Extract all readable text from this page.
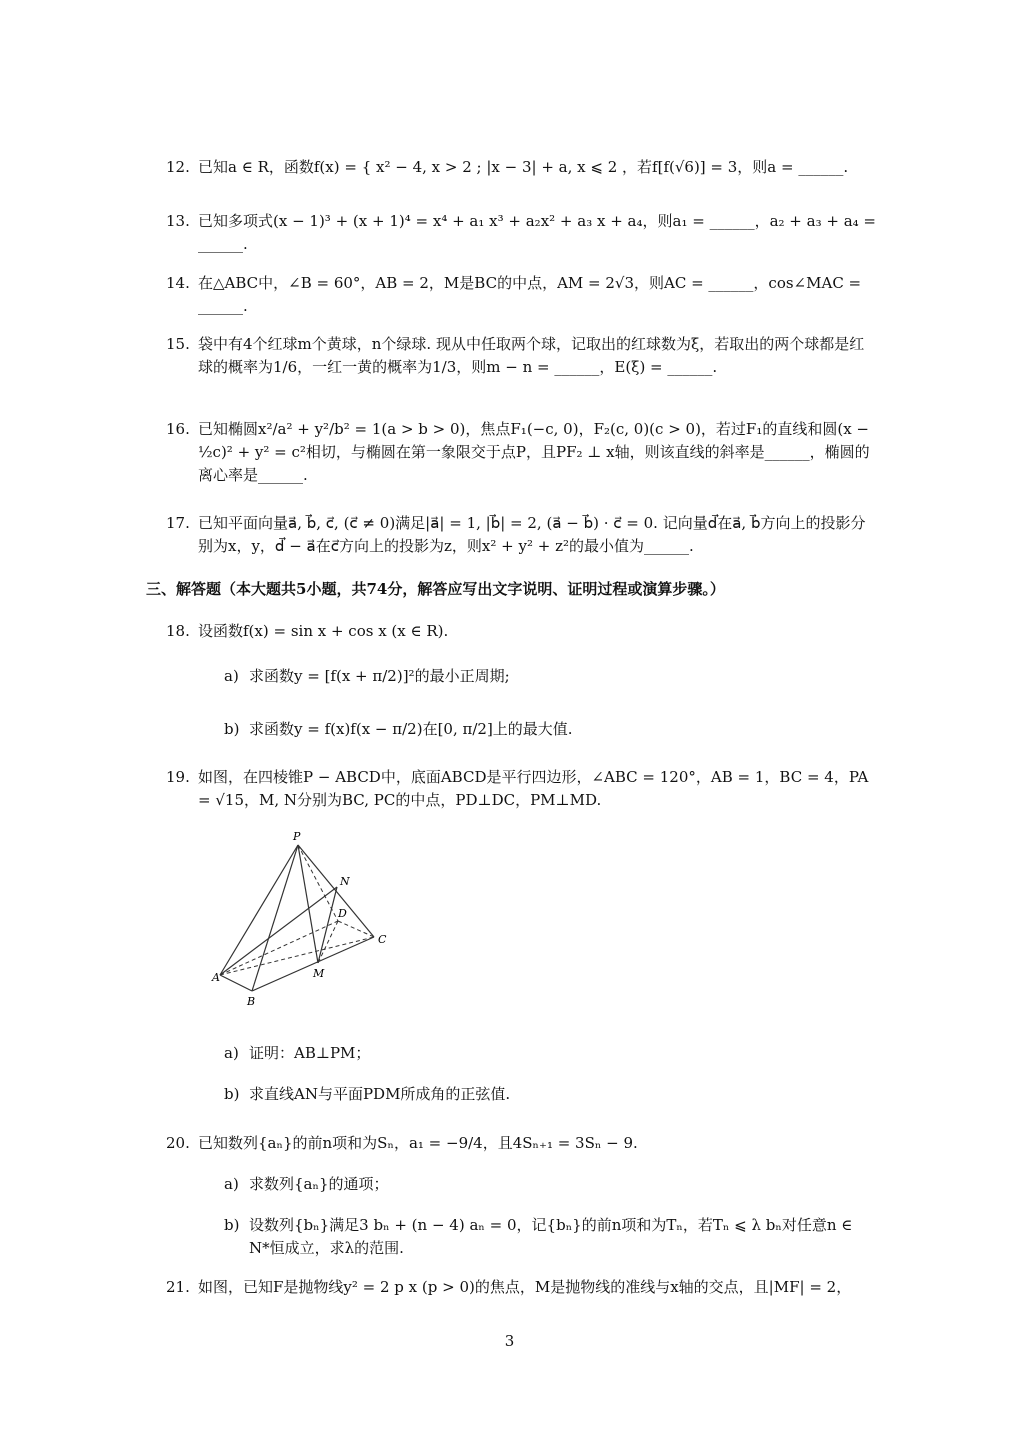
12. 已知a ∈ R，函数f(x) = { x² − 4, x > 2 ; |x − 3| + a, x ⩽ 2 ，若f[f(√6)] = 3，则a = ______.
13. 已知多项式(x − 1)³ + (x + 1)⁴ = x⁴ + a₁ x³ + a₂x² + a₃ x + a₄，则a₁ = ______，a₂ + a₃ + a₄ = ______.
14. 在△ABC中，∠B = 60°，AB = 2，M是BC的中点，AM = 2√3，则AC = ______，cos∠MAC = ______.
15. 袋中有4个红球m个黄球，n个绿球. 现从中任取两个球，记取出的红球数为ξ，若取出的两个球都是红球的概率为1/6，一红一黄的概率为1/3，则m − n = ______，E(ξ) = ______.
16. 已知椭圆x²/a² + y²/b² = 1(a > b > 0)，焦点F₁(−c, 0)，F₂(c, 0)(c > 0)，若过F₁的直线和圆(x − ½c)² + y² = c²相切，与椭圆在第一象限交于点P，且PF₂ ⊥ x轴，则该直线的斜率是______，椭圆的离心率是______.
17. 已知平面向量a⃗, b⃗, c⃗, (c⃗ ≠ 0)满足|a⃗| = 1, |b⃗| = 2, (a⃗ − b⃗) · c⃗ = 0. 记向量d⃗在a⃗, b⃗方向上的投影分别为x，y，d⃗ − a⃗在c⃗方向上的投影为z，则x² + y² + z²的最小值为______.
三、解答题（本大题共5小题，共74分，解答应写出文字说明、证明过程或演算步骤。）
18. 设函数f(x) = sin x + cos x (x ∈ R).
a) 求函数y = [f(x + π/2)]²的最小正周期;
b) 求函数y = f(x)f(x − π/2)在[0, π/2]上的最大值.
19. 如图，在四棱锥P − ABCD中，底面ABCD是平行四边形，∠ABC = 120°，AB = 1，BC = 4，PA = √15，M, N分别为BC, PC的中点，PD⊥DC，PM⊥MD.
P
N
D
C
A
B
M
a) 证明：AB⊥PM；
b) 求直线AN与平面PDM所成角的正弦值.
20. 已知数列{aₙ}的前n项和为Sₙ，a₁ = −9/4，且4Sₙ₊₁ = 3Sₙ − 9.
a) 求数列{aₙ}的通项；
b) 设数列{bₙ}满足3 bₙ + (n − 4) aₙ = 0，记{bₙ}的前n项和为Tₙ，若Tₙ ⩽ λ bₙ对任意n ∈ N*恒成立，求λ的范围.
21. 如图，已知F是抛物线y² = 2 p x (p > 0)的焦点，M是抛物线的准线与x轴的交点，且|MF| = 2，
3
